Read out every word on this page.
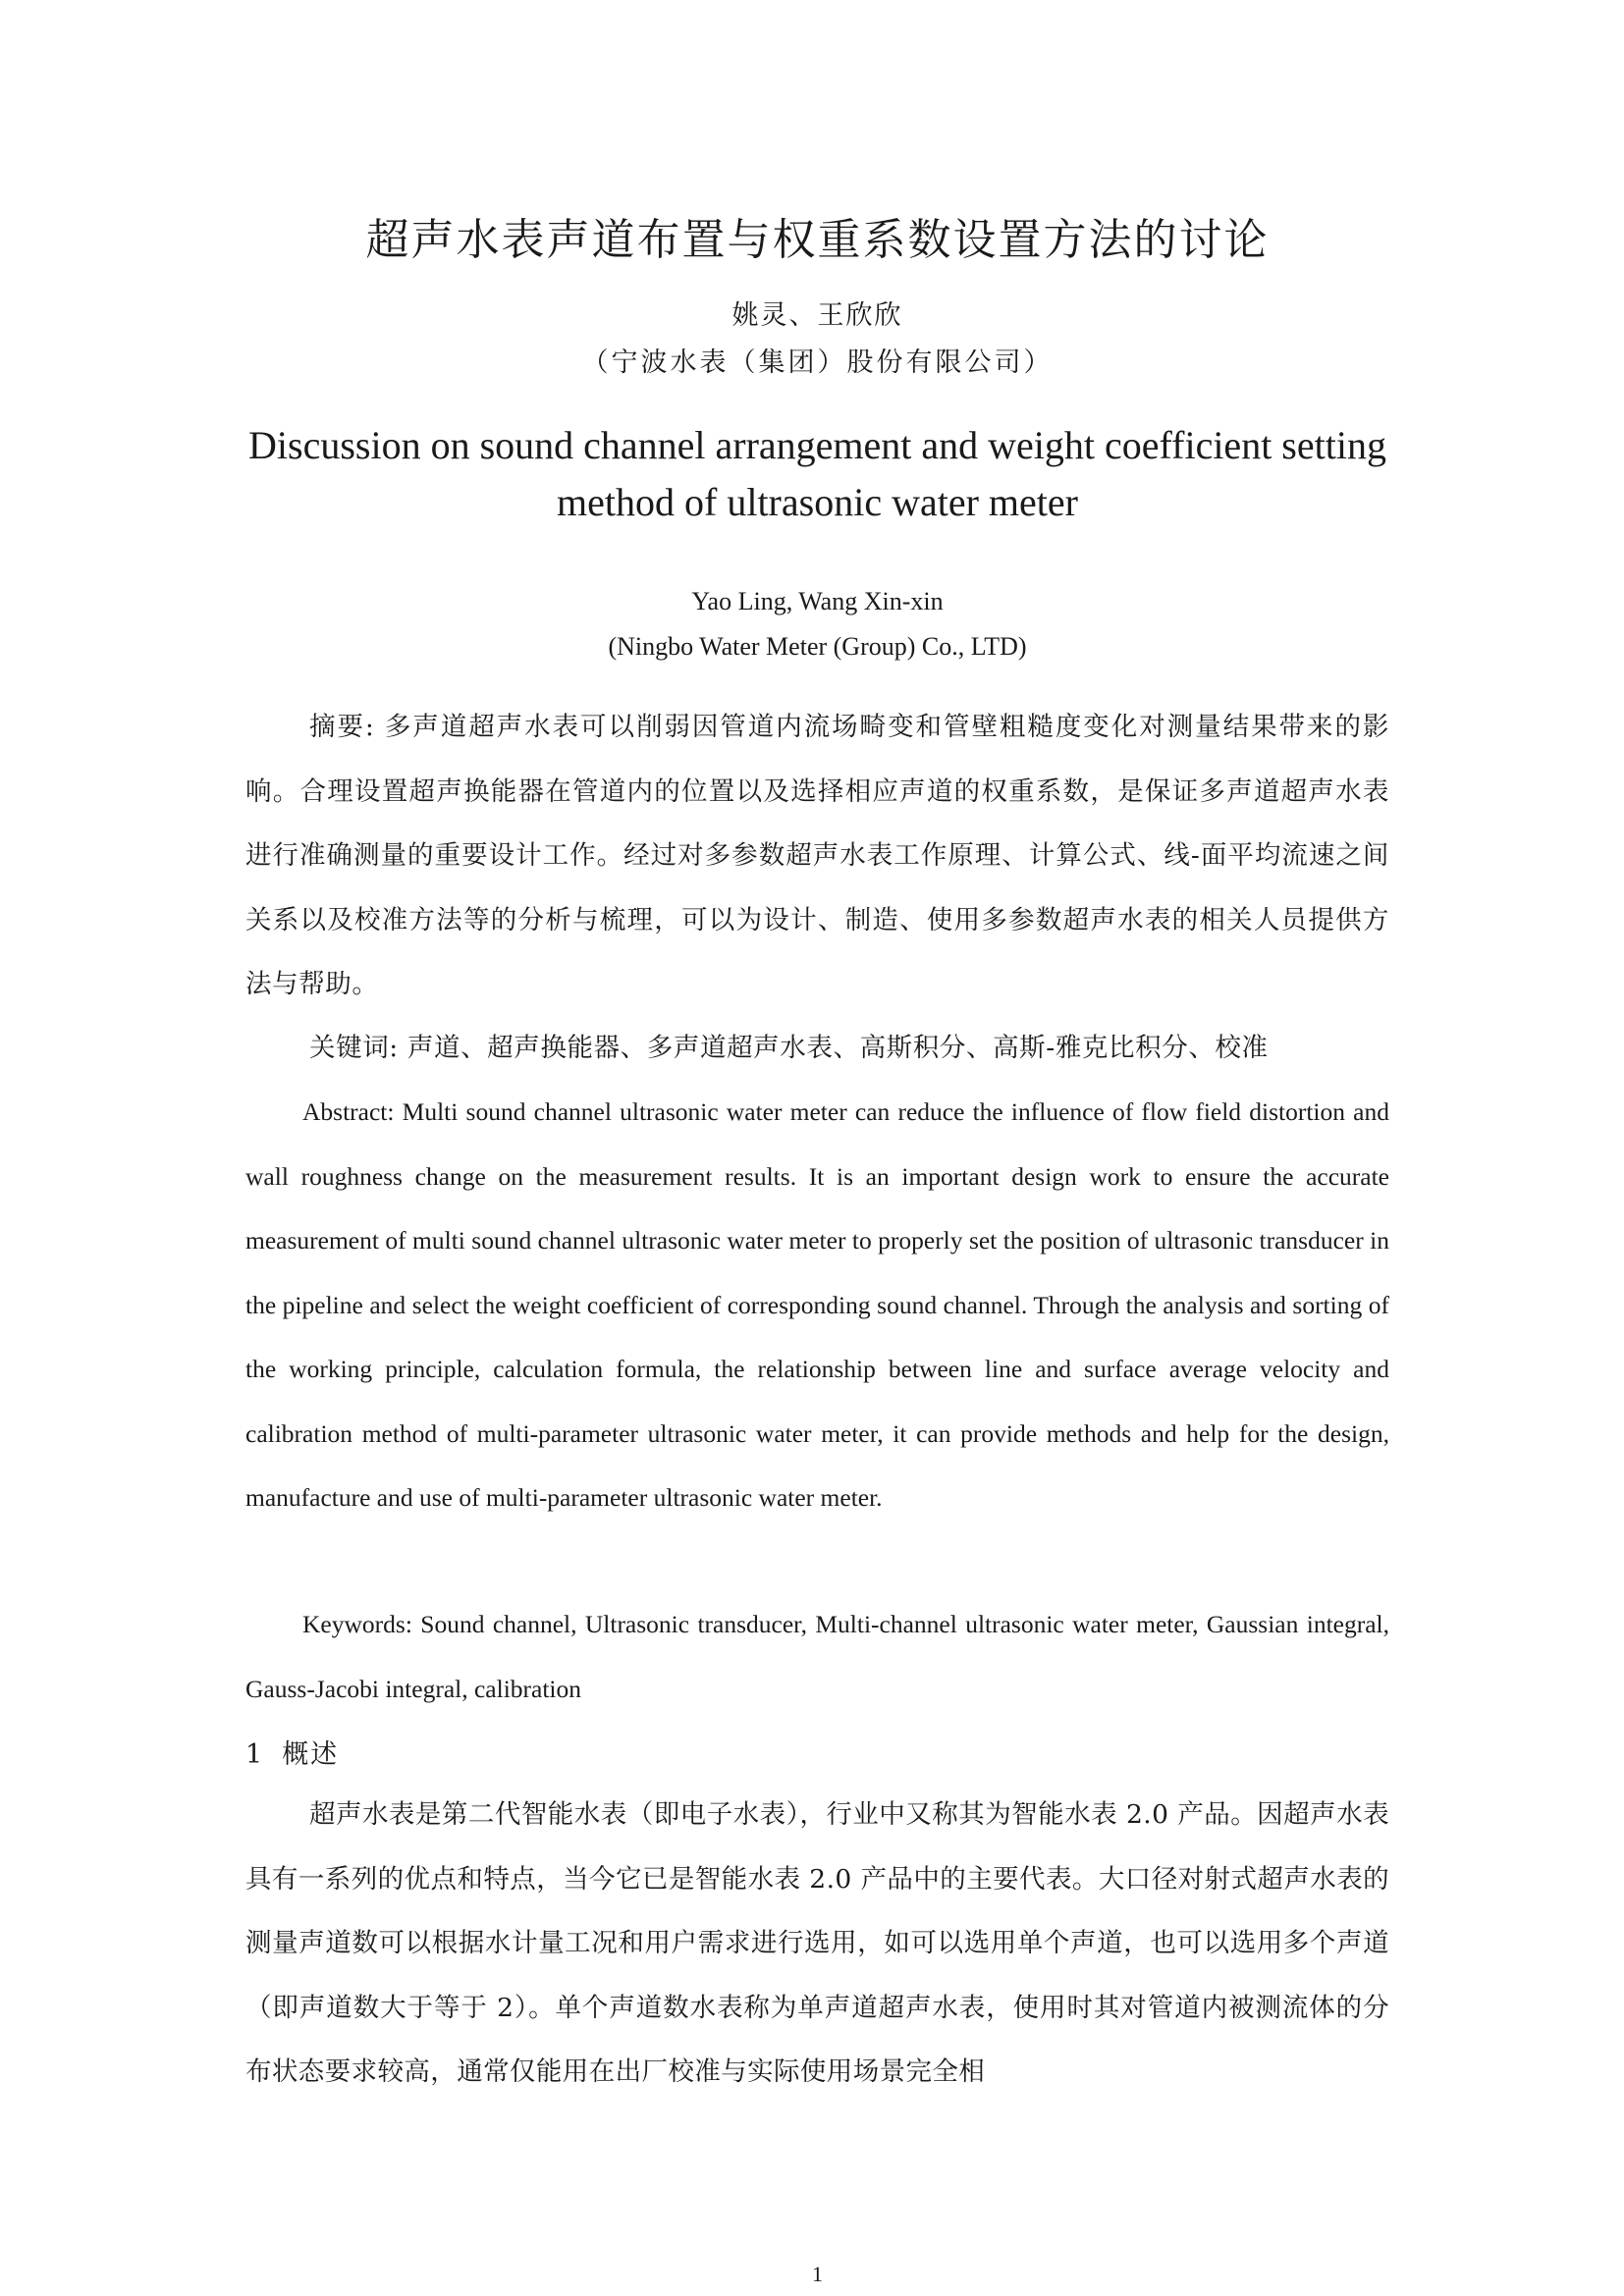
超声水表声道布置与权重系数设置方法的讨论
姚灵、王欣欣
（宁波水表（集团）股份有限公司）
Discussion on sound channel arrangement and weight coefficient setting method of ultrasonic water meter
Yao Ling, Wang Xin-xin
(Ningbo Water Meter (Group) Co., LTD)

摘要: 多声道超声水表可以削弱因管道内流场畸变和管壁粗糙度变化对测量结果带来的影响。合理设置超声换能器在管道内的位置以及选择相应声道的权重系数，是保证多声道超声水表进行准确测量的重要设计工作。经过对多参数超声水表工作原理、计算公式、线-面平均流速之间关系以及校准方法等的分析与梳理，可以为设计、制造、使用多参数超声水表的相关人员提供方法与帮助。

关键词: 声道、超声换能器、多声道超声水表、高斯积分、高斯-雅克比积分、校准

Abstract: Multi sound channel ultrasonic water meter can reduce the influence of flow field distortion and wall roughness change on the measurement results. It is an important design work to ensure the accurate measurement of multi sound channel ultrasonic water meter to properly set the position of ultrasonic transducer in the pipeline and select the weight coefficient of corresponding sound channel. Through the analysis and sorting of the working principle, calculation formula, the relationship between line and surface average velocity and calibration method of multi-parameter ultrasonic water meter, it can provide methods and help for the design, manufacture and use of multi-parameter ultrasonic water meter.

Keywords: Sound channel, Ultrasonic transducer, Multi-channel ultrasonic water meter, Gaussian integral, Gauss-Jacobi integral, calibration

1 概述

超声水表是第二代智能水表（即电子水表），行业中又称其为智能水表 2.0 产品。因超声水表具有一系列的优点和特点，当今它已是智能水表 2.0 产品中的主要代表。大口径对射式超声水表的测量声道数可以根据水计量工况和用户需求进行选用，如可以选用单个声道，也可以选用多个声道（即声道数大于等于 2）。单个声道数水表称为单声道超声水表，使用时其对管道内被测流体的分布状态要求较高，通常仅能用在出厂校准与实际使用场景完全相

1
